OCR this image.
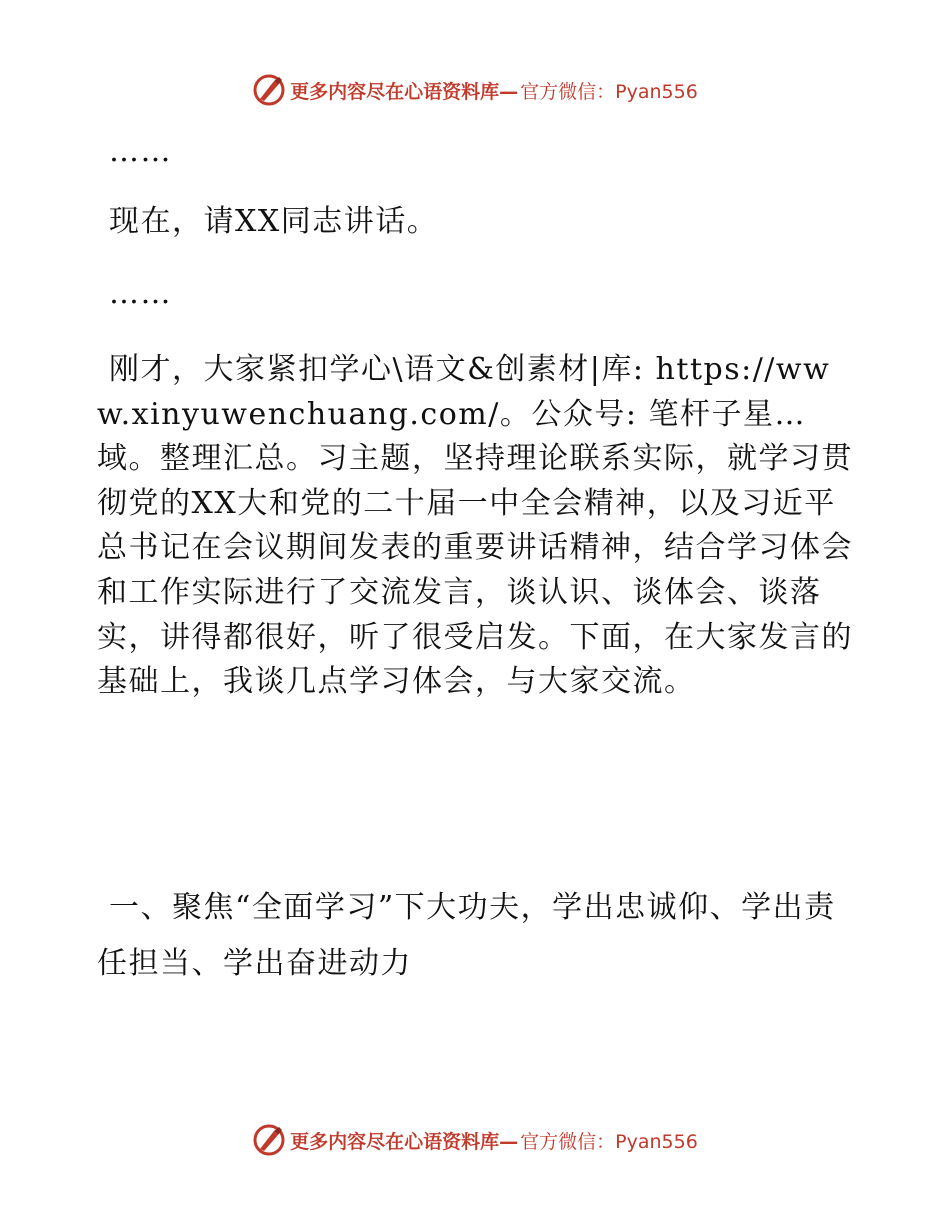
更多内容尽在心语资料库— 官方微信：Pyan556

……

现在，请XX同志讲话。

……

刚才，大家紧扣学心\语文&创素材|库: https://www.xinyuwenchuang.com/。公众号: 笔杆子星…域。整理汇总。习主题，坚持理论联系实际，就学习贯彻党的XX大和党的二十届一中全会精神，以及习近平总书记在会议期间发表的重要讲话精神，结合学习体会和工作实际进行了交流发言，谈认识、谈体会、谈落实，讲得都很好，听了很受启发。下面，在大家发言的基础上，我谈几点学习体会，与大家交流。

一、聚焦“全面学习”下大功夫，学出忠诚仰、学出责任担当、学出奋进动力

更多内容尽在心语资料库— 官方微信：Pyan556
